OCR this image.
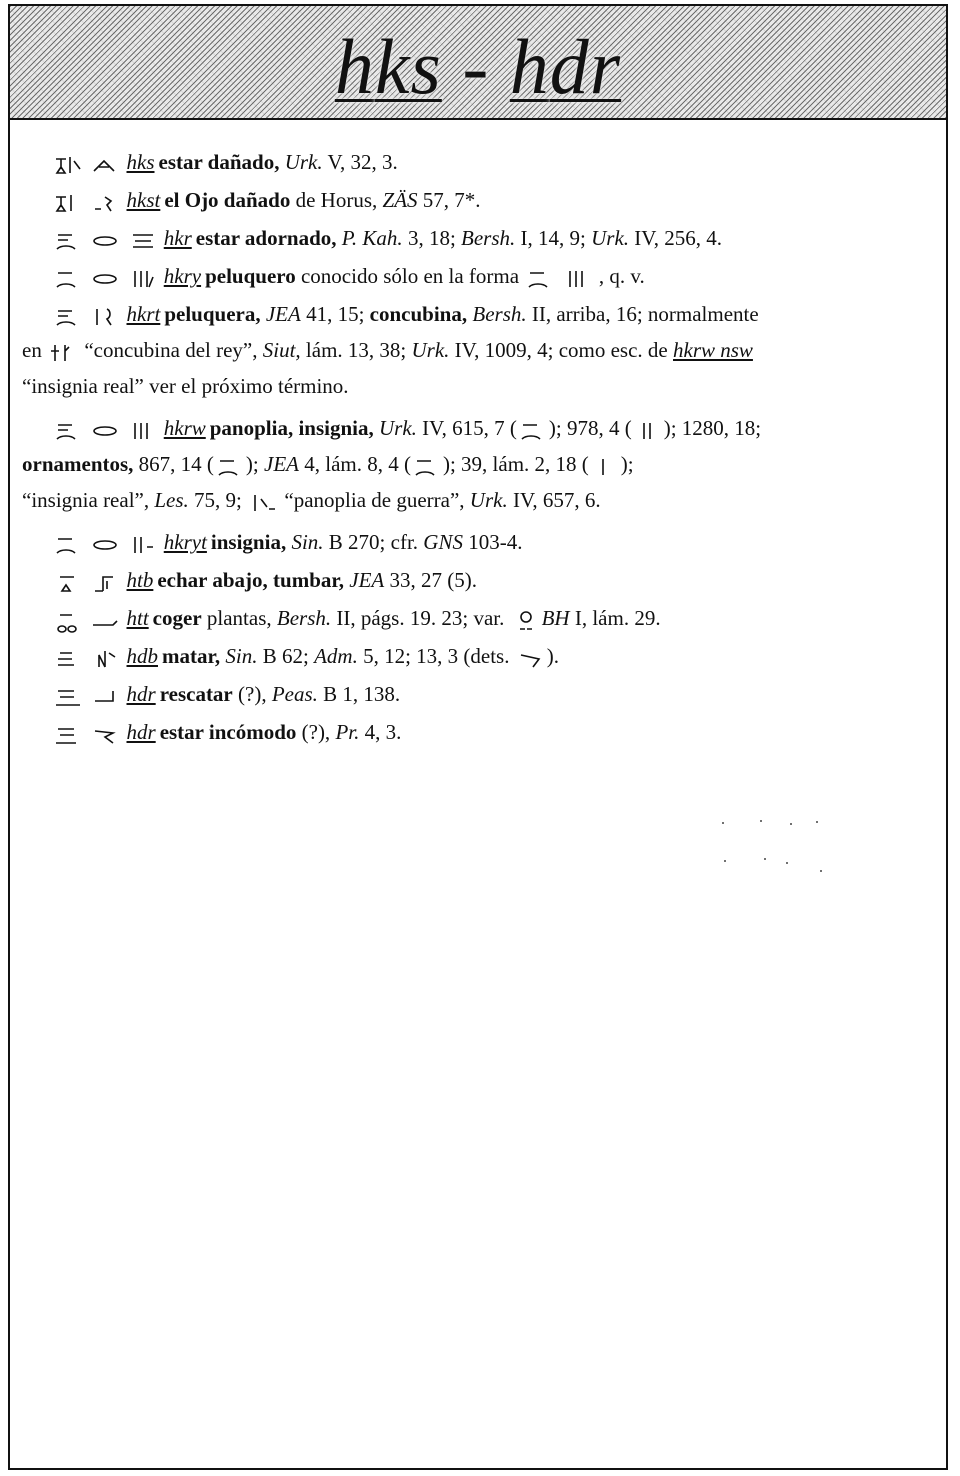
hks - hdr
hks estar dañado, Urk. V, 32, 3.
hkst el Ojo dañado de Horus, ZÄS 57, 7*.
hkr estar adornado, P. Kah. 3, 18; Bersh. I, 14, 9; Urk. IV, 256, 4.
hkry peluquero conocido sólo en la forma	, q. v.
hkrt peluquera, JEA 41, 15; concubina, Bersh. II, arriba, 16; normalmente
en  “concubina del rey”, Siut, lám. 13, 38; Urk. IV, 1009, 4; como esc. de hkrw nsw
“insignia real” ver el próximo término.
hkrw panoplia, insignia, Urk. IV, 615, 7 ( ); 978, 4 ( ); 1280, 18;
ornamentos, 867, 14 ( ); JEA 4, lám. 8, 4 ( ); 39, lám. 2, 18 ( );
“insignia real”, Les. 75, 9;  “panoplia de guerra”, Urk. IV, 657, 6.
hkryt insignia, Sin. B 270; cfr. GNS 103-4.
htb echar abajo, tumbar, JEA 33, 27 (5).
htt coger plantas, Bersh. II, págs. 19. 23; var. BH I, lám. 29.
hdb matar, Sin. B 62; Adm. 5, 12; 13, 3 (dets. ).
hdr rescatar (?), Peas. B 1, 138.
hdr estar incómodo (?), Pr. 4, 3.
